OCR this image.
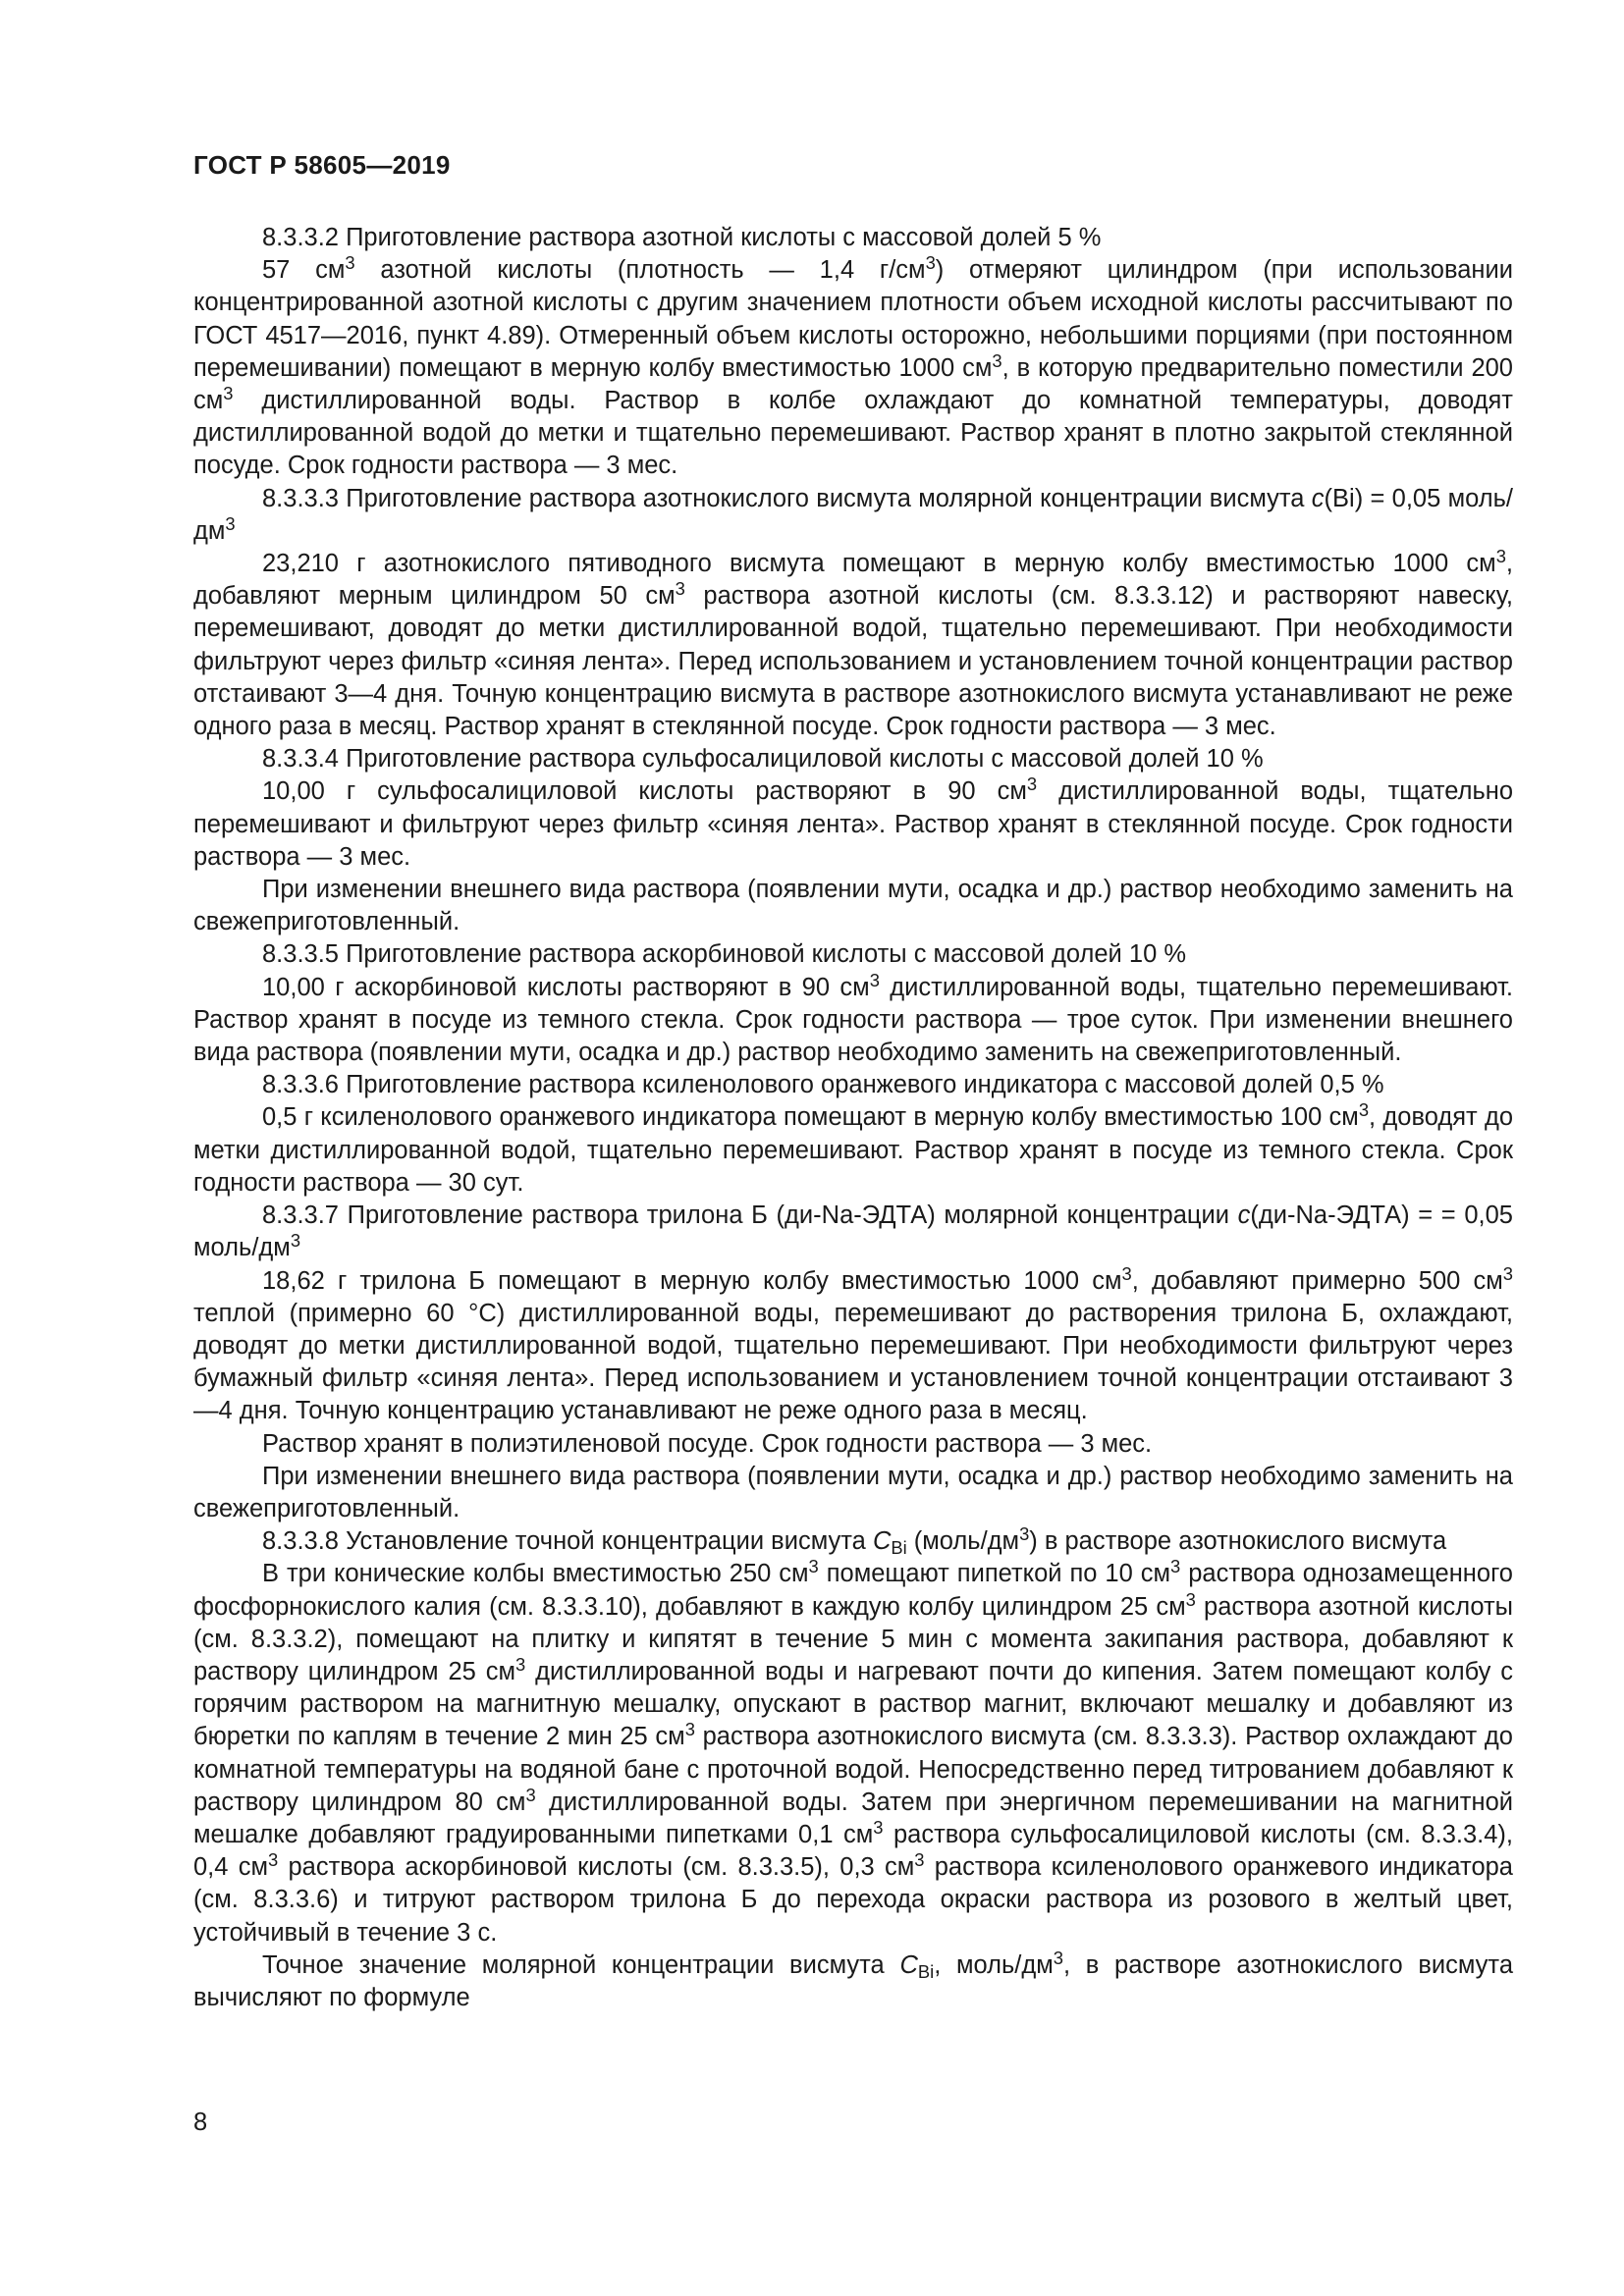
ГОСТ Р 58605—2019

8.3.3.2 Приготовление раствора азотной кислоты с массовой долей 5 %

57 $см^3$ азотной кислоты (плотность — 1,4 $г/см^3$) отмеряют цилиндром (при использовании концентрированной азотной кислоты с другим значением плотности объем исходной кислоты рассчитывают по ГОСТ 4517—2016, пункт 4.89). Отмеренный объем кислоты осторожно, небольшими порциями (при постоянном перемешивании) помещают в мерную колбу вместимостью 1000 $см^3$, в которую предварительно поместили 200 $см^3$ дистиллированной воды. Раствор в колбе охлаждают до комнатной температуры, доводят дистиллированной водой до метки и тщательно перемешивают. Раствор хранят в плотно закрытой стеклянной посуде. Срок годности раствора — 3 мес.

8.3.3.3 Приготовление раствора азотнокислого висмута молярной концентрации висмута c(Bi) = 0,05 моль/$дм^3$

23,210 г азотнокислого пятиводного висмута помещают в мерную колбу вместимостью 1000 $см^3$, добавляют мерным цилиндром 50 $см^3$ раствора азотной кислоты (см. 8.3.3.12) и растворяют навеску, перемешивают, доводят до метки дистиллированной водой, тщательно перемешивают. При необходимости фильтруют через фильтр «синяя лента». Перед использованием и установлением точной концентрации раствор отстаивают 3—4 дня. Точную концентрацию висмута в растворе азотнокислого висмута устанавливают не реже одного раза в месяц. Раствор хранят в стеклянной посуде. Срок годности раствора — 3 мес.

8.3.3.4 Приготовление раствора сульфосалициловой кислоты с массовой долей 10 %

10,00 г сульфосалициловой кислоты растворяют в 90 $см^3$ дистиллированной воды, тщательно перемешивают и фильтруют через фильтр «синяя лента». Раствор хранят в стеклянной посуде. Срок годности раствора — 3 мес.

При изменении внешнего вида раствора (появлении мути, осадка и др.) раствор необходимо заменить на свежеприготовленный.

8.3.3.5 Приготовление раствора аскорбиновой кислоты с массовой долей 10 %

10,00 г аскорбиновой кислоты растворяют в 90 $см^3$ дистиллированной воды, тщательно перемешивают. Раствор хранят в посуде из темного стекла. Срок годности раствора — трое суток. При изменении внешнего вида раствора (появлении мути, осадка и др.) раствор необходимо заменить на свежеприготовленный.

8.3.3.6 Приготовление раствора ксиленолового оранжевого индикатора с массовой долей 0,5 %

0,5 г ксиленолового оранжевого индикатора помещают в мерную колбу вместимостью 100 $см^3$, доводят до метки дистиллированной водой, тщательно перемешивают. Раствор хранят в посуде из темного стекла. Срок годности раствора — 30 сут.

8.3.3.7 Приготовление раствора трилона Б (ди-Na-ЭДТА) молярной концентрации c(ди-Na-ЭДТА) = = 0,05 моль/$дм^3$

18,62 г трилона Б помещают в мерную колбу вместимостью 1000 $см^3$, добавляют примерно 500 $см^3$ теплой (примерно 60 °С) дистиллированной воды, перемешивают до растворения трилона Б, охлаждают, доводят до метки дистиллированной водой, тщательно перемешивают. При необходимости фильтруют через бумажный фильтр «синяя лента». Перед использованием и установлением точной концентрации отстаивают 3—4 дня. Точную концентрацию устанавливают не реже одного раза в месяц.

Раствор хранят в полиэтиленовой посуде. Срок годности раствора — 3 мес.

При изменении внешнего вида раствора (появлении мути, осадка и др.) раствор необходимо заменить на свежеприготовленный.

8.3.3.8 Установление точной концентрации висмута $C_{Bi}$ $(моль/дм^3)$ в растворе азотнокислого висмута

В три конические колбы вместимостью 250 $см^3$ помещают пипеткой по 10 $см^3$ раствора однозамещенного фосфорнокислого калия (см. 8.3.3.10), добавляют в каждую колбу цилиндром 25 $см^3$ раствора азотной кислоты (см. 8.3.3.2), помещают на плитку и кипятят в течение 5 мин с момента закипания раствора, добавляют к раствору цилиндром 25 $см^3$ дистиллированной воды и нагревают почти до кипения. Затем помещают колбу с горячим раствором на магнитную мешалку, опускают в раствор магнит, включают мешалку и добавляют из бюретки по каплям в течение 2 мин 25 $см^3$ раствора азотнокислого висмута (см. 8.3.3.3). Раствор охлаждают до комнатной температуры на водяной бане с проточной водой. Непосредственно перед титрованием добавляют к раствору цилиндром 80 $см^3$ дистиллированной воды. Затем при энергичном перемешивании на магнитной мешалке добавляют градуированными пипетками 0,1 $см^3$ раствора сульфосалициловой кислоты (см. 8.3.3.4), 0,4 $см^3$ раствора аскорбиновой кислоты (см. 8.3.3.5), 0,3 $см^3$ раствора ксиленолового оранжевого индикатора (см. 8.3.3.6) и титруют раствором трилона Б до перехода окраски раствора из розового в желтый цвет, устойчивый в течение 3 с.

Точное значение молярной концентрации висмута $C_{Bi}$, моль/$дм^3$, в растворе азотнокислого висмута вычисляют по формуле

8
